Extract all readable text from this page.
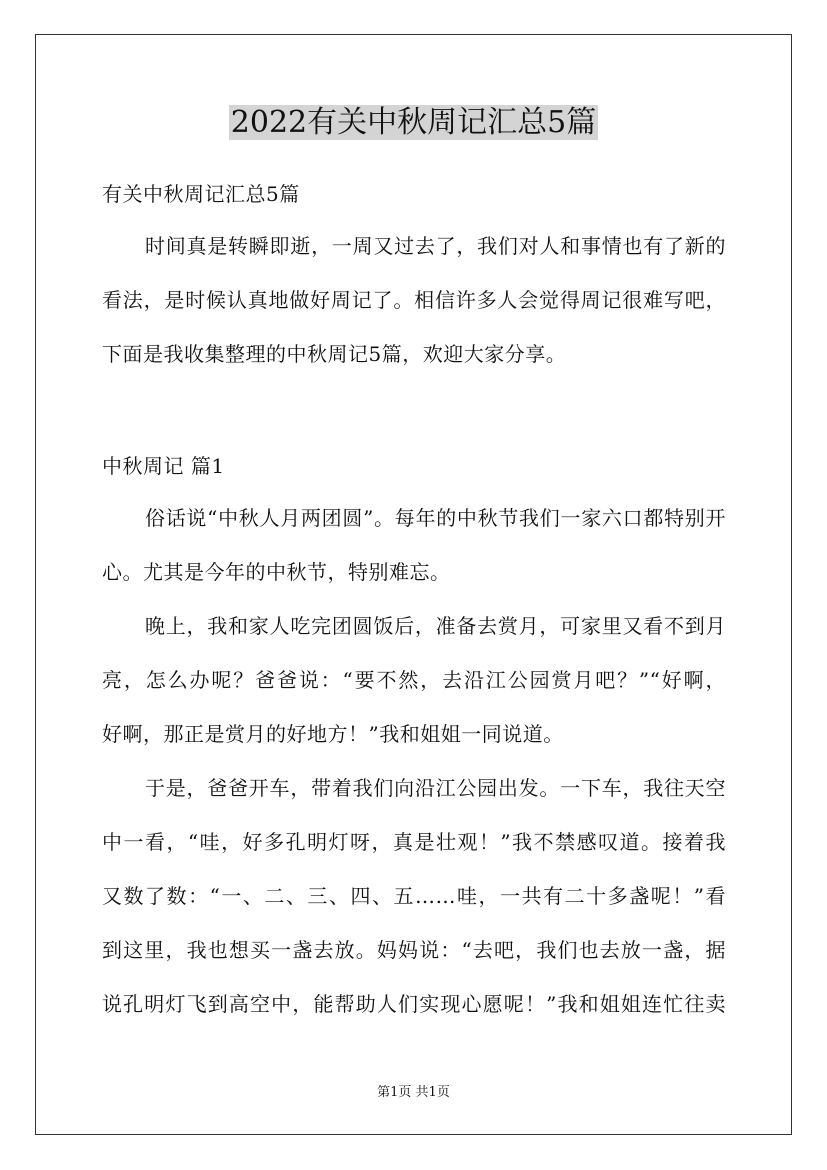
2022有关中秋周记汇总5篇

有关中秋周记汇总5篇

时间真是转瞬即逝，一周又过去了，我们对人和事情也有了新的

看法，是时候认真地做好周记了。相信许多人会觉得周记很难写吧，

下面是我收集整理的中秋周记5篇，欢迎大家分享。

中秋周记 篇1

俗话说“中秋人月两团圆”。每年的中秋节我们一家六口都特别开

心。尤其是今年的中秋节，特别难忘。

晚上，我和家人吃完团圆饭后，准备去赏月，可家里又看不到月

亮，怎么办呢？爸爸说：“要不然，去沿江公园赏月吧？”“好啊，

好啊，那正是赏月的好地方！”我和姐姐一同说道。

于是，爸爸开车，带着我们向沿江公园出发。一下车，我往天空

中一看，“哇，好多孔明灯呀，真是壮观！”我不禁感叹道。接着我

又数了数：“一、二、三、四、五……哇，一共有二十多盏呢！”看

到这里，我也想买一盏去放。妈妈说：“去吧，我们也去放一盏，据

说孔明灯飞到高空中，能帮助人们实现心愿呢！”我和姐姐连忙往卖

第1页 共1页
